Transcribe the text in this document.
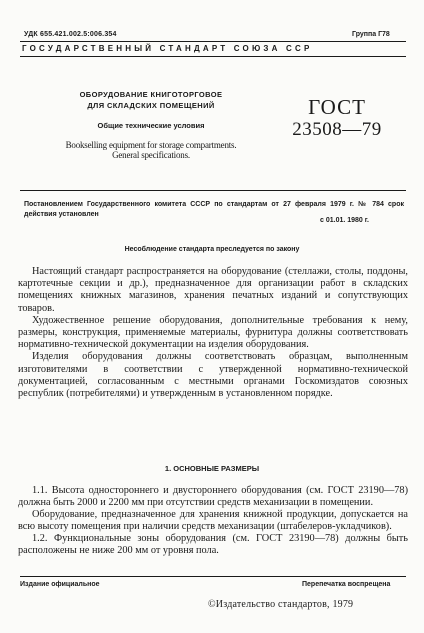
УДК 655.421.002.5:006.354	Группа Г78
ГОСУДАРСТВЕННЫЙ СТАНДАРТ СОЮЗА ССР
ОБОРУДОВАНИЕ КНИГОТОРГОВОЕ
ДЛЯ СКЛАДСКИХ ПОМЕЩЕНИЙ
Общие технические условия
Bookselling equipment for storage compartments.
General specifications.
ГОСТ
23508—79
Постановлением Государственного комитета СССР по стандартам от 27 февраля 1979 г. № 784 срок действия установлен
с 01.01. 1980 г.
Несоблюдение стандарта преследуется по закону

Настоящий стандарт распространяется на оборудование (стеллажи, столы, поддоны, картотечные секции и др.), предназначенное для организации работ в складских помещениях книжных магазинов, хранения печатных изданий и сопутствующих товаров.

Художественное решение оборудования, дополнительные требования к нему, размеры, конструкция, применяемые материалы, фурнитура должны соответствовать нормативно-технической документации на изделия оборудования.

Изделия оборудования должны соответствовать образцам, выполненным изготовителями в соответствии с утвержденной нормативно-технической документацией, согласованным с местными органами Госкомиздатов союзных республик (потребителями) и утвержденным в установленном порядке.

1. ОСНОВНЫЕ РАЗМЕРЫ

1.1. Высота одностороннего и двустороннего оборудования (см. ГОСТ 23190—78) должна быть 2000 и 2200 мм при отсутствии средств механизации в помещении.

Оборудование, предназначенное для хранения книжной продукции, допускается на всю высоту помещения при наличии средств механизации (штабелеров-укладчиков).

1.2. Функциональные зоны оборудования (см. ГОСТ 23190—78) должны быть расположены не ниже 200 мм от уровня пола.

Издание официальное	Перепечатка воспрещена
©Издательство стандартов, 1979
